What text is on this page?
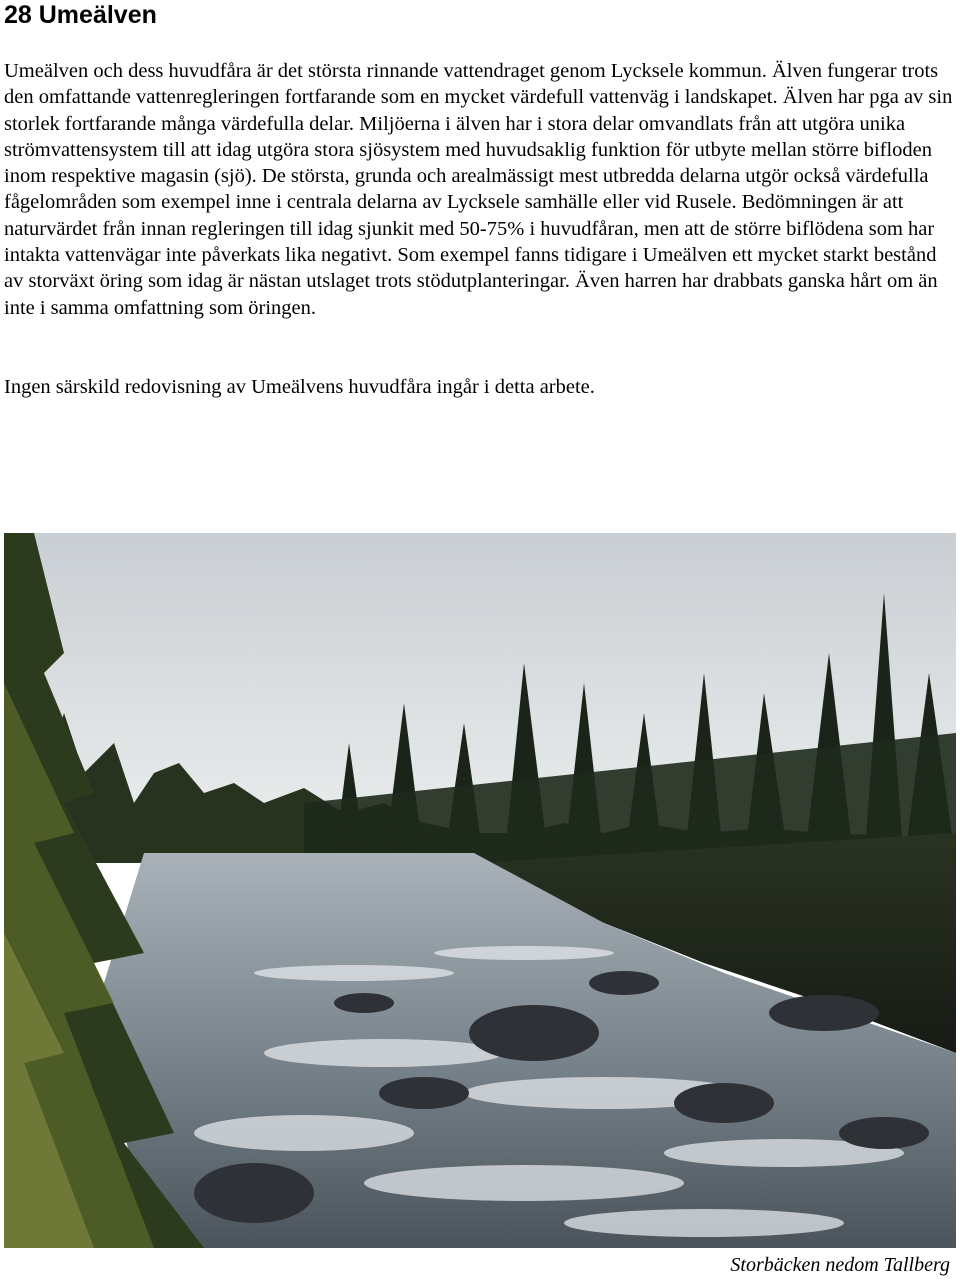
28 Umeälven

Umeälven och dess huvudfåra är det största rinnande vattendraget genom Lycksele kommun. Älven fungerar trots den omfattande vattenregleringen fortfarande som en mycket värdefull vattenväg i landskapet. Älven har pga av sin storlek fortfarande många värdefulla delar. Miljöerna i älven har i stora delar omvandlats från att utgöra unika strömvattensystem till att idag utgöra stora sjösystem med huvudsaklig funktion för utbyte mellan större bifloden inom respektive magasin (sjö). De största, grunda och arealmässigt mest utbredda delarna utgör också värdefulla fågelområden som exempel inne i centrala delarna av Lycksele samhälle eller vid Rusele. Bedömningen är att naturvärdet från innan regleringen till idag sjunkit med 50-75% i huvudfåran, men att de större biflödena som har intakta vattenvägar inte påverkats lika negativt. Som exempel fanns tidigare i Umeälven ett mycket starkt bestånd av storväxt öring som idag är nästan utslaget trots stödutplanteringar. Även harren har drabbats ganska hårt om än inte i samma omfattning som öringen.

Ingen särskild redovisning av Umeälvens huvudfåra ingår i detta arbete.

Storbäcken nedom Tallberg
